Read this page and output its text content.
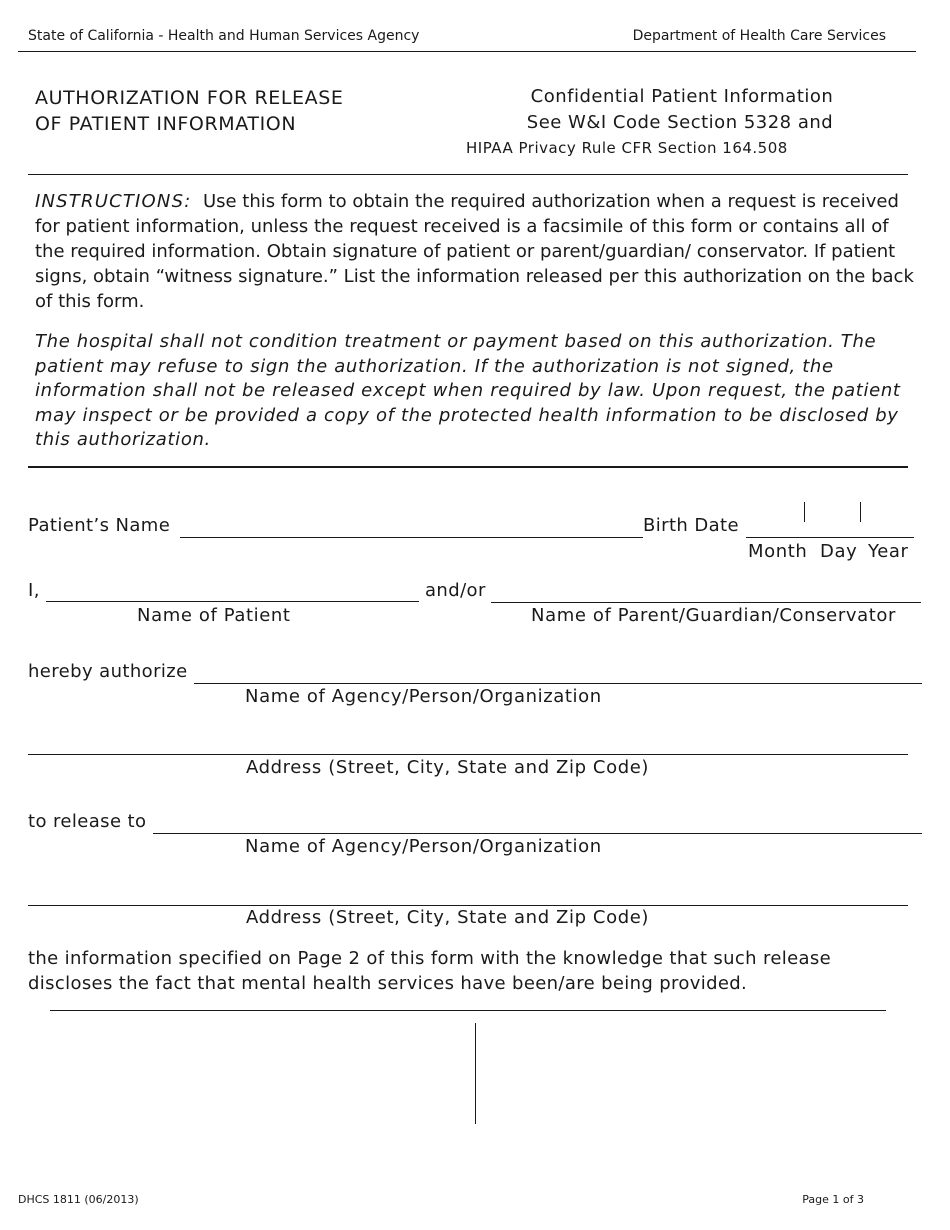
State of California - Health and Human Services Agency	Department of Health Care Services
AUTHORIZATION FOR RELEASE
OF PATIENT INFORMATION
Confidential Patient Information
See W&I Code Section 5328 and
HIPAA Privacy Rule CFR Section 164.508
INSTRUCTIONS: Use this form to obtain the required authorization when a request is received for patient information, unless the request received is a facsimile of this form or contains all of the required information. Obtain signature of patient or parent/guardian/ conservator. If patient signs, obtain “witness signature.” List the information released per this authorization on the back of this form.
The hospital shall not condition treatment or payment based on this authorization. The patient may refuse to sign the authorization. If the authorization is not signed, the information shall not be released except when required by law. Upon request, the patient may inspect or be provided a copy of the protected health information to be disclosed by this authorization.
Patient’s Name	Birth Date
Month Day Year
I,	and/or
Name of Patient	Name of Parent/Guardian/Conservator
hereby authorize
Name of Agency/Person/Organization
Address (Street, City, State and Zip Code)
to release to
Name of Agency/Person/Organization
Address (Street, City, State and Zip Code)
the information specified on Page 2 of this form with the knowledge that such release discloses the fact that mental health services have been/are being provided.
DHCS 1811 (06/2013)	Page 1 of 3
